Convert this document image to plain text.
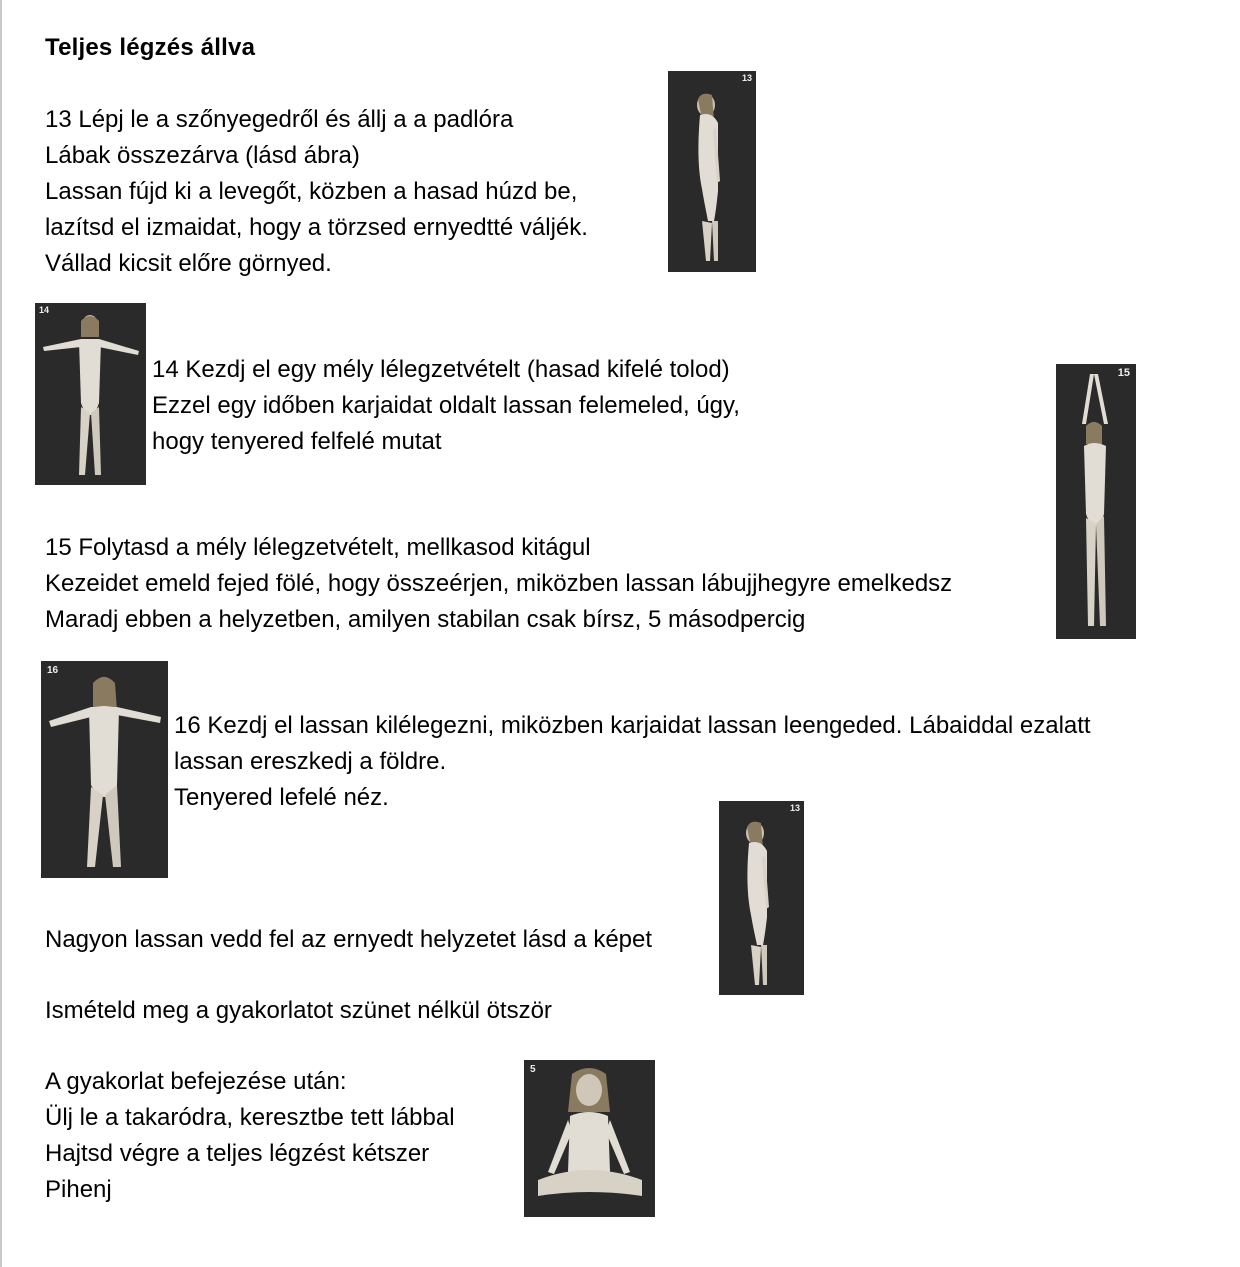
Teljes légzés állva
13 Lépj le a szőnyegedről és állj a a padlóra
Lábak összezárva (lásd ábra)
Lassan fújd ki a levegőt, közben a hasad húzd be,
lazítsd el izmaidat, hogy a törzsed ernyedtté váljék.
Vállad kicsit előre görnyed.
13
14
14 Kezdj el egy mély lélegzetvételt (hasad kifelé tolod)
Ezzel egy időben karjaidat oldalt lassan felemeled, úgy,
hogy tenyered felfelé mutat
15
15 Folytasd a mély lélegzetvételt, mellkasod kitágul
Kezeidet emeld fejed fölé, hogy összeérjen, miközben lassan lábujjhegyre emelkedsz
Maradj ebben a helyzetben, amilyen stabilan csak bírsz, 5 másodpercig
16
16 Kezdj el lassan kilélegezni, miközben karjaidat lassan leengeded. Lábaiddal ezalatt
lassan ereszkedj a földre.
Tenyered lefelé néz.	13
Nagyon lassan vedd fel az ernyedt helyzetet lásd a képet
Ismételd meg a gyakorlatot szünet nélkül ötször
A gyakorlat befejezése után:
Ülj le a takaródra, keresztbe tett lábbal
Hajtsd végre a teljes légzést kétszer
Pihenj
5
